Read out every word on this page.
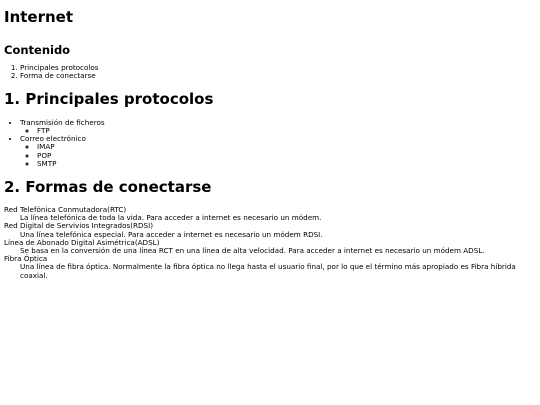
Internet
Contenido
1. Principales protocolos
2. Forma de conectarse
1. Principales protocolos
• Transmisión de ficheros
◦ FTP
• Correo electrónico
◦ IMAP
◦ POP
◦ SMTP
2. Formas de conectarse
Red Telefónica Conmutadora(RTC)
La línea telefónica de toda la vida. Para acceder a internet es necesario un módem.
Red Digital de Servivios Integrados(RDSI)
Una línea telefónica especial. Para acceder a internet es necesario un módem RDSI.
Línea de Abonado Digital Asimétrica(ADSL)
Se basa en la conversión de una línea RCT en una línea de alta velocidad. Para acceder a internet es necesario un módem ADSL.
Fibra Óptica
Una línea de fibra óptica. Normalmente la fibra óptica no llega hasta el usuario final, por lo que el término más apropiado es Fibra híbrida coaxial.
